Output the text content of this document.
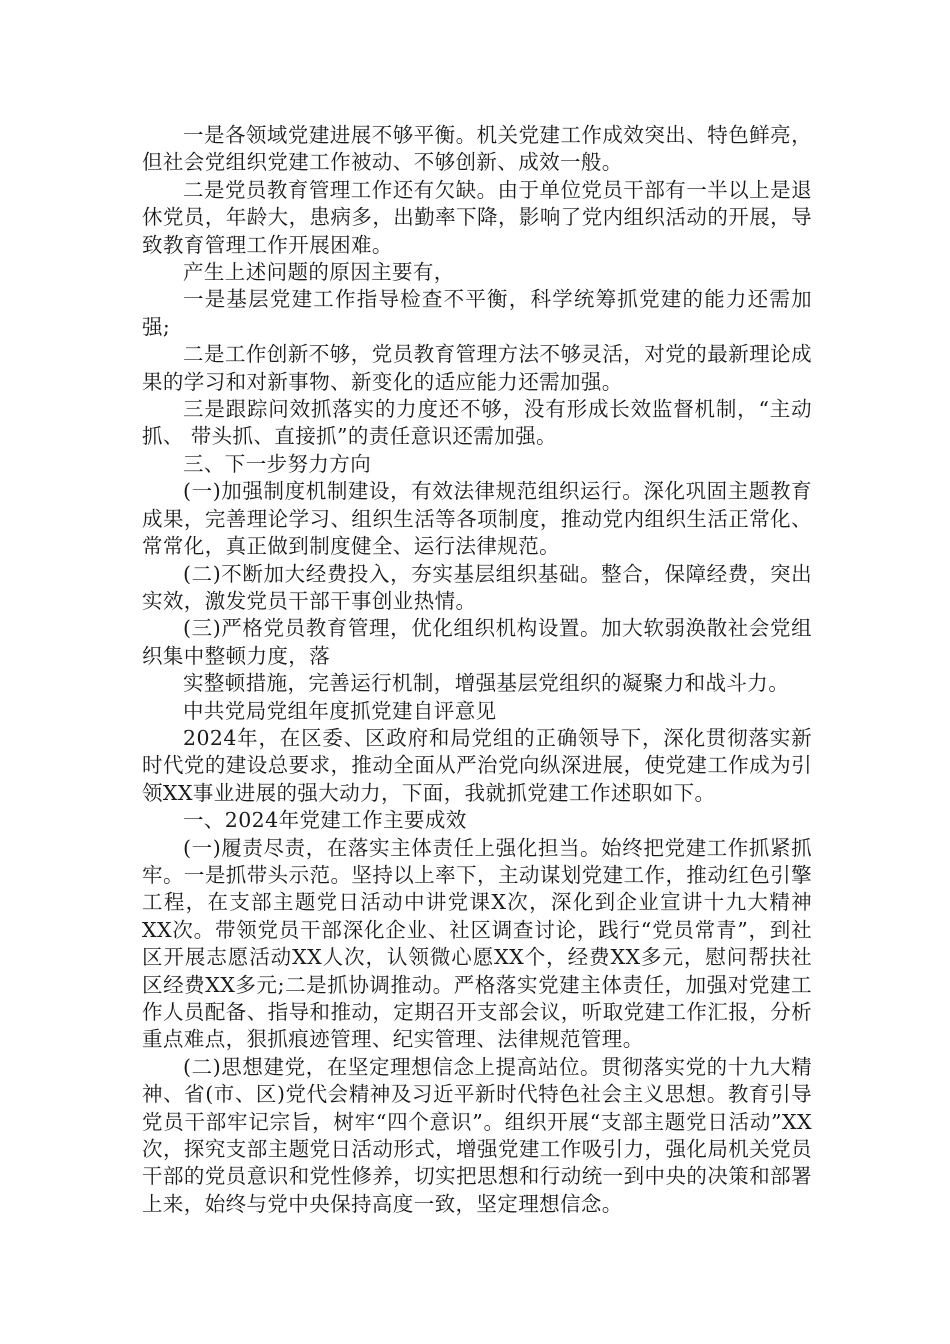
一是各领域党建进展不够平衡。机关党建工作成效突出、特色鲜亮，但社会党组织党建工作被动、不够创新、成效一般。

二是党员教育管理工作还有欠缺。由于单位党员干部有一半以上是退休党员，年龄大，患病多，出勤率下降，影响了党内组织活动的开展，导致教育管理工作开展困难。

产生上述问题的原因主要有，

一是基层党建工作指导检查不平衡，科学统筹抓党建的能力还需加强;

二是工作创新不够，党员教育管理方法不够灵活，对党的最新理论成果的学习和对新事物、新变化的适应能力还需加强。

三是跟踪问效抓落实的力度还不够，没有形成长效监督机制，“主动抓、 带头抓、直接抓”的责任意识还需加强。

三、下一步努力方向

(一)加强制度机制建设，有效法律规范组织运行。深化巩固主题教育成果，完善理论学习、组织生活等各项制度，推动党内组织生活正常化、常常化，真正做到制度健全、运行法律规范。

(二)不断加大经费投入，夯实基层组织基础。整合，保障经费，突出实效，激发党员干部干事创业热情。

(三)严格党员教育管理，优化组织机构设置。加大软弱涣散社会党组织集中整顿力度，落

实整顿措施，完善运行机制，增强基层党组织的凝聚力和战斗力。

中共党局党组年度抓党建自评意见

2024年，在区委、区政府和局党组的正确领导下，深化贯彻落实新时代党的建设总要求，推动全面从严治党向纵深进展，使党建工作成为引领XX事业进展的强大动力，下面，我就抓党建工作述职如下。

一、2024年党建工作主要成效

(一)履责尽责，在落实主体责任上强化担当。始终把党建工作抓紧抓牢。一是抓带头示范。坚持以上率下，主动谋划党建工作，推动红色引擎工程，在支部主题党日活动中讲党课X次，深化到企业宣讲十九大精神XX次。带领党员干部深化企业、社区调查讨论，践行“党员常青”，到社区开展志愿活动XX人次，认领微心愿XX个，经费XX多元，慰问帮扶社区经费XX多元;二是抓协调推动。严格落实党建主体责任，加强对党建工作人员配备、指导和推动，定期召开支部会议，听取党建工作汇报，分析重点难点，狠抓痕迹管理、纪实管理、法律规范管理。

(二)思想建党，在坚定理想信念上提高站位。贯彻落实党的十九大精神、省(市、区)党代会精神及习近平新时代特色社会主义思想。教育引导党员干部牢记宗旨，树牢“四个意识”。组织开展“支部主题党日活动”XX次，探究支部主题党日活动形式，增强党建工作吸引力，强化局机关党员干部的党员意识和党性修养，切实把思想和行动统一到中央的决策和部署上来，始终与党中央保持高度一致，坚定理想信念。
